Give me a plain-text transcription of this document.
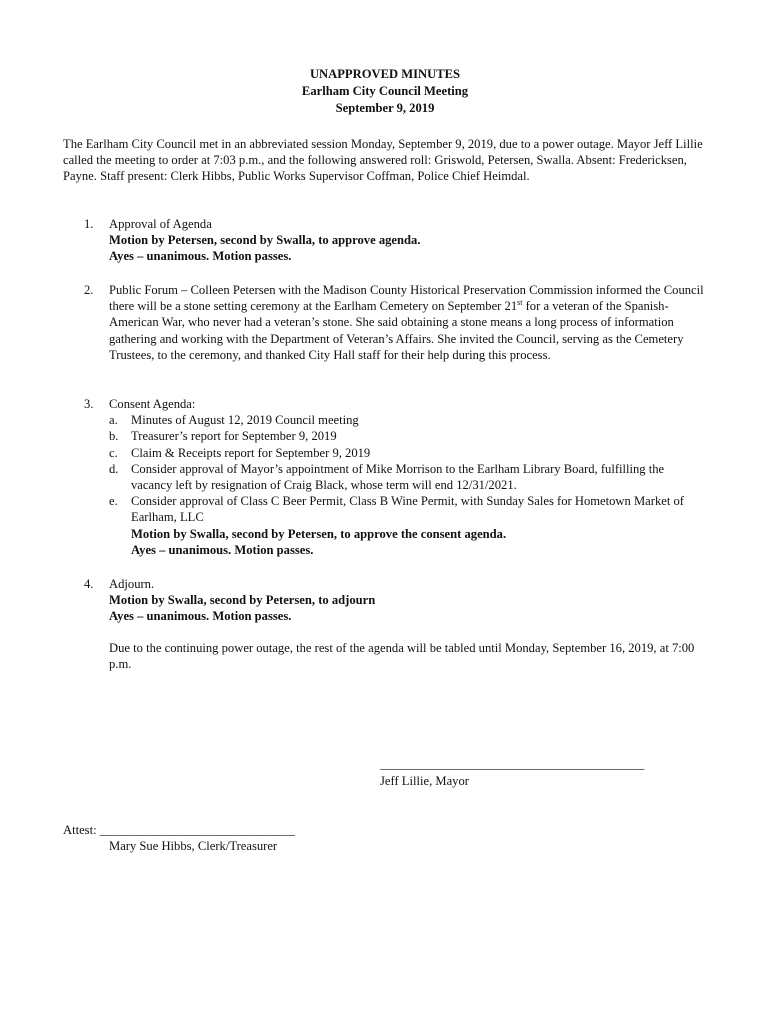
UNAPPROVED MINUTES
Earlham City Council Meeting
September 9, 2019
The Earlham City Council met in an abbreviated session Monday, September 9, 2019, due to a power outage. Mayor Jeff Lillie called the meeting to order at 7:03 p.m., and the following answered roll: Griswold, Petersen, Swalla. Absent: Fredericksen, Payne. Staff present: Clerk Hibbs, Public Works Supervisor Coffman, Police Chief Heimdal.
1.	Approval of Agenda
Motion by Petersen, second by Swalla, to approve agenda.
Ayes – unanimous. Motion passes.
2.	Public Forum – Colleen Petersen with the Madison County Historical Preservation Commission informed the Council there will be a stone setting ceremony at the Earlham Cemetery on September 21st for a veteran of the Spanish-American War, who never had a veteran’s stone. She said obtaining a stone means a long process of information gathering and working with the Department of Veteran’s Affairs. She invited the Council, serving as the Cemetery Trustees, to the ceremony, and thanked City Hall staff for their help during this process.
3.	Consent Agenda:
a. Minutes of August 12, 2019 Council meeting
b. Treasurer’s report for September 9, 2019
c. Claim & Receipts report for September 9, 2019
d. Consider approval of Mayor’s appointment of Mike Morrison to the Earlham Library Board, fulfilling the vacancy left by resignation of Craig Black, whose term will end 12/31/2021.
e. Consider approval of Class C Beer Permit, Class B Wine Permit, with Sunday Sales for Hometown Market of Earlham, LLC
Motion by Swalla, second by Petersen, to approve the consent agenda.
Ayes – unanimous. Motion passes.
4.	Adjourn.
Motion by Swalla, second by Petersen, to adjourn
Ayes – unanimous. Motion passes.
Due to the continuing power outage, the rest of the agenda will be tabled until Monday, September 16, 2019, at 7:00 p.m.
__________________________________________
Jeff Lillie, Mayor
Attest: _______________________________
Mary Sue Hibbs, Clerk/Treasurer
